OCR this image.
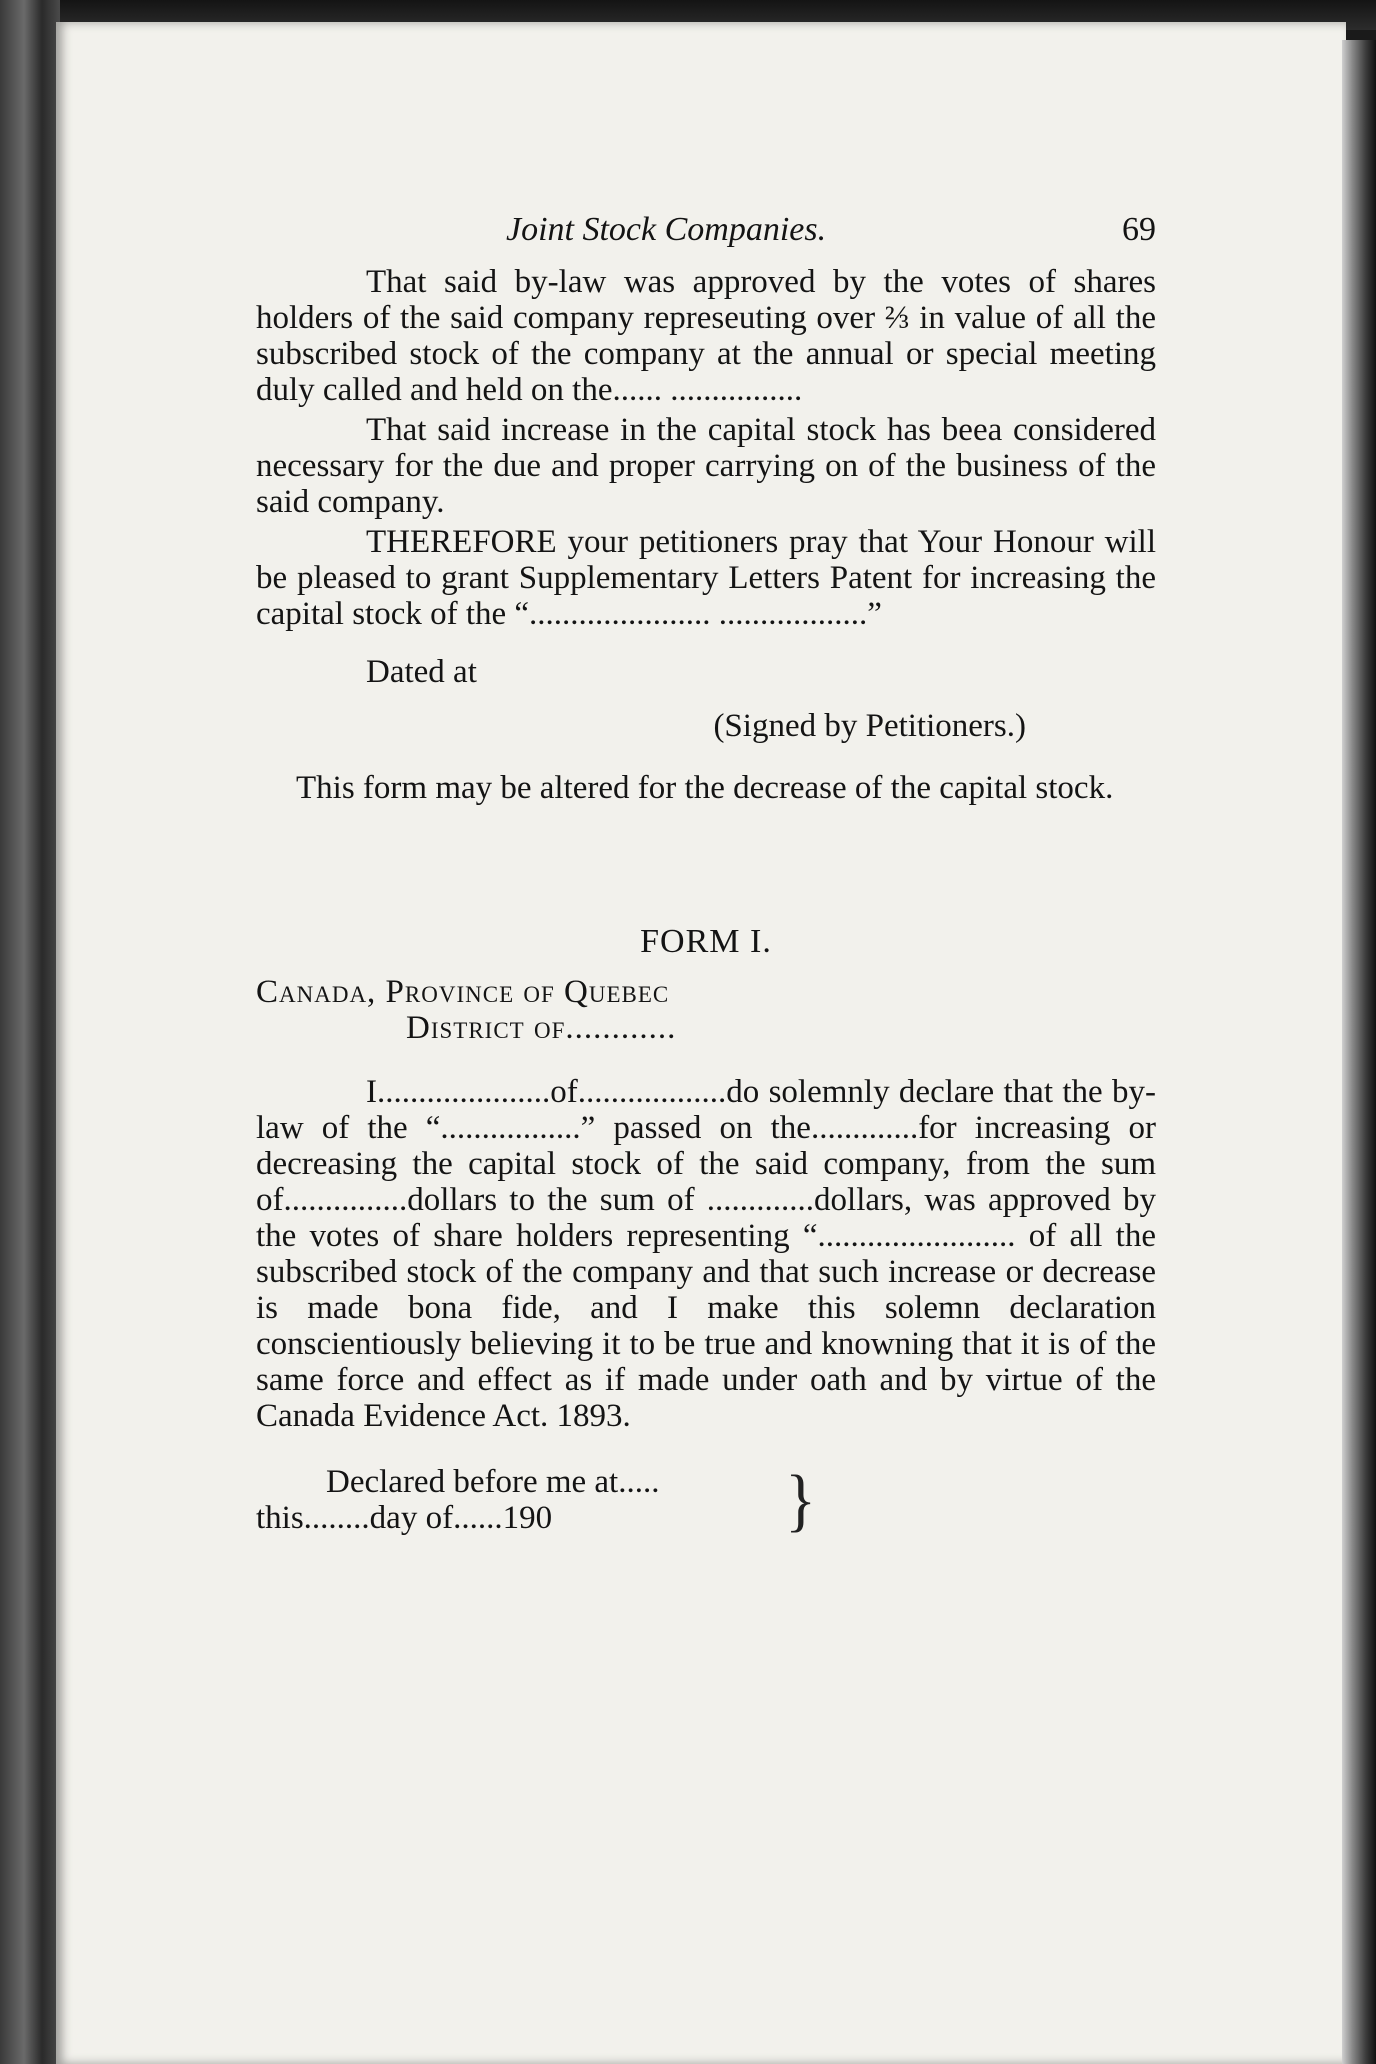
Joint Stock Companies.	69

That said by-law was approved by the votes of shares holders of the said company represeuting over ⅔ in value of all the subscribed stock of the company at the annual or special meeting duly called and held on the...... ................

That said increase in the capital stock has beea considered necessary for the due and proper carrying on of the business of the said company.

THEREFORE your petitioners pray that Your Honour will be pleased to grant Supplementary Letters Patent for increasing the capital stock of the “...................... ..................”

Dated at

(Signed by Petitioners.)

This form may be altered for the decrease of the capital stock.

FORM I.

Canada, Province of Quebec

District of............

I.....................of..................do solemnly declare that the by-law of the “.................” passed on the.............for increasing or decreasing the capital stock of the said company, from the sum of...............dollars to the sum of .............dollars, was approved by the votes of share holders representing “........................ of all the subscribed stock of the company and that such increase or decrease is made bona fide, and I make this solemn declaration conscientiously believing it to be true and knowning that it is of the same force and effect as if made under oath and by virtue of the Canada Evidence Act. 1893.

Declared before me at.....

this........day of......190	}
